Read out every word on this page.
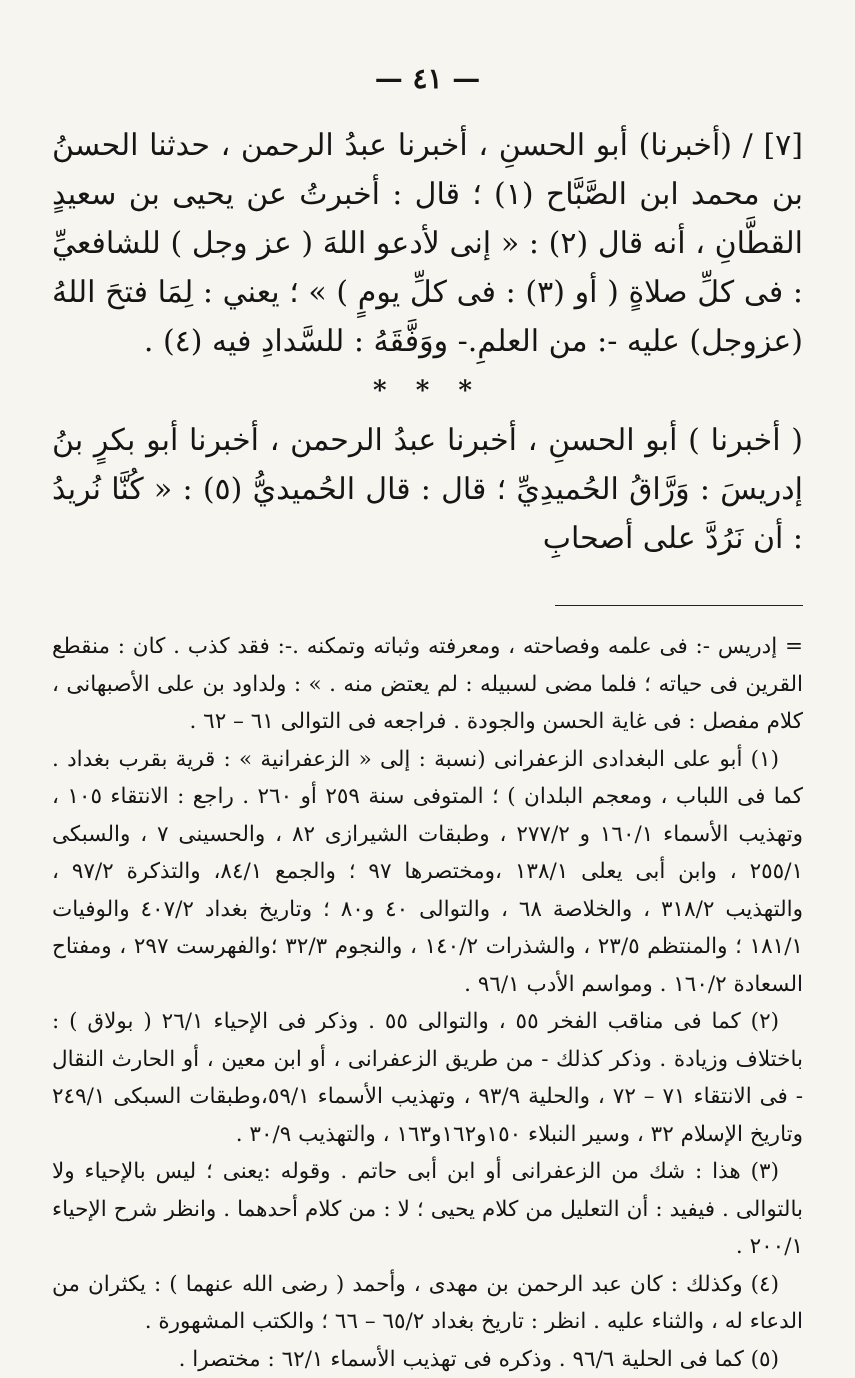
— ٤١ —

[٧] / (أخبرنا) أبو الحسنِ ، أخبرنا عبدُ الرحمن ، حدثنا الحسنُ بن محمد ابن الصَّبَّاح (١) ؛ قال : أخبرتُ عن يحيى بن سعيدٍ القطَّانِ ، أنه قال (٢) : « إنى لأدعو اللهَ ( عز وجل ) للشافعيِّ : فى كلِّ صلاةٍ ( أو (٣) : فى كلِّ يومٍ ) » ؛ يعني : لِمَا فتحَ اللهُ (عزوجل) عليه -: من العلمِ.- ووَفَّقَهُ : للسَّدادِ فيه (٤) .

* * *

( أخبرنا ) أبو الحسنِ ، أخبرنا عبدُ الرحمن ، أخبرنا أبو بكرٍ بنُ إدريسَ : وَرَّاقُ الحُميدِيِّ ؛ قال : قال الحُميديُّ (٥) : « كُنَّا نُريدُ : أن نَرُدَّ على أصحابِ

= إدريس -: فى علمه وفصاحته ، ومعرفته وثباته وتمكنه .-: فقد كذب . كان : منقطع القرين فى حياته ؛ فلما مضى لسبيله : لم يعتض منه . » : ولداود بن على الأصبهانى ، كلام مفصل : فى غاية الحسن والجودة . فراجعه فى التوالى ٦١ – ٦٢ .

(١) أبو على البغدادى الزعفرانى (نسبة : إلى « الزعفرانية » : قرية بقرب بغداد . كما فى اللباب ، ومعجم البلدان ) ؛ المتوفى سنة ٢٥٩ أو ٢٦٠ . راجع : الانتقاء ١٠٥ ، وتهذيب الأسماء ١٦٠/١ و ٢٧٧/٢ ، وطبقات الشيرازى ٨٢ ، والحسينى ٧ ، والسبكى ٢٥٥/١ ، وابن أبى يعلى ١٣٨/١ ،ومختصرها ٩٧ ؛ والجمع ٨٤/١، والتذكرة ٩٧/٢ ، والتهذيب ٣١٨/٢ ، والخلاصة ٦٨ ، والتوالى ٤٠ و٨٠ ؛ وتاريخ بغداد ٤٠٧/٢ والوفيات ١٨١/١ ؛ والمنتظم ٢٣/٥ ، والشذرات ١٤٠/٢ ، والنجوم ٣٢/٣ ؛والفهرست ٢٩٧ ، ومفتاح السعادة ١٦٠/٢ . ومواسم الأدب ٩٦/١ .

(٢) كما فى مناقب الفخر ٥٥ ، والتوالى ٥٥ . وذكر فى الإحياء ٢٦/١ ( بولاق ) : باختلاف وزيادة . وذكر كذلك - من طريق الزعفرانى ، أو ابن معين ، أو الحارث النقال - فى الانتقاء ٧١ – ٧٢ ، والحلية ٩٣/٩ ، وتهذيب الأسماء ٥٩/١،وطبقات السبكى ٢٤٩/١ وتاريخ الإسلام ٣٢ ، وسير النبلاء ١٥٠و١٦٢و١٦٣ ، والتهذيب ٣٠/٩ .

(٣) هذا : شك من الزعفرانى أو ابن أبى حاتم . وقوله :يعنى ؛ ليس بالإحياء ولا بالتوالى . فيفيد : أن التعليل من كلام يحيى ؛ لا : من كلام أحدهما . وانظر شرح الإحياء ٢٠٠/١ .

(٤) وكذلك : كان عبد الرحمن بن مهدى ، وأحمد ( رضى الله عنهما ) : يكثران من الدعاء له ، والثناء عليه . انظر : تاريخ بغداد ٦٥/٢ – ٦٦ ؛ والكتب المشهورة .

(٥) كما فى الحلية ٩٦/٦ . وذكره فى تهذيب الأسماء ٦٢/١ : مختصرا .
